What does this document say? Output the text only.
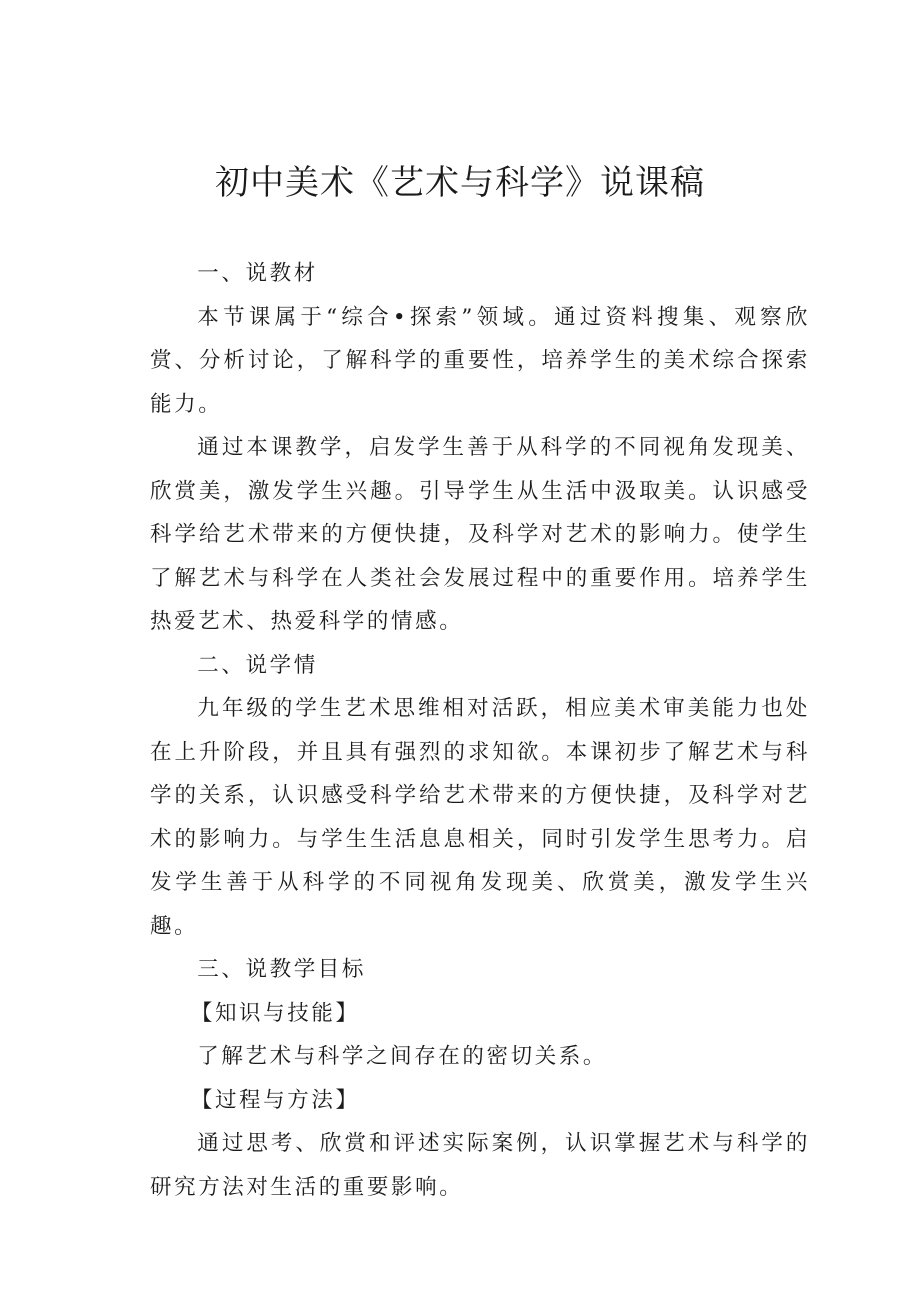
初中美术《艺术与科学》说课稿

一、说教材

本节课属于“综合•探索”领域。通过资料搜集、观察欣赏、分析讨论，了解科学的重要性，培养学生的美术综合探索能力。

通过本课教学，启发学生善于从科学的不同视角发现美、欣赏美，激发学生兴趣。引导学生从生活中汲取美。认识感受科学给艺术带来的方便快捷，及科学对艺术的影响力。使学生了解艺术与科学在人类社会发展过程中的重要作用。培养学生热爱艺术、热爱科学的情感。

二、说学情

九年级的学生艺术思维相对活跃，相应美术审美能力也处在上升阶段，并且具有强烈的求知欲。本课初步了解艺术与科学的关系，认识感受科学给艺术带来的方便快捷，及科学对艺术的影响力。与学生生活息息相关，同时引发学生思考力。启发学生善于从科学的不同视角发现美、欣赏美，激发学生兴趣。

三、说教学目标

【知识与技能】

了解艺术与科学之间存在的密切关系。

【过程与方法】

通过思考、欣赏和评述实际案例，认识掌握艺术与科学的研究方法对生活的重要影响。
